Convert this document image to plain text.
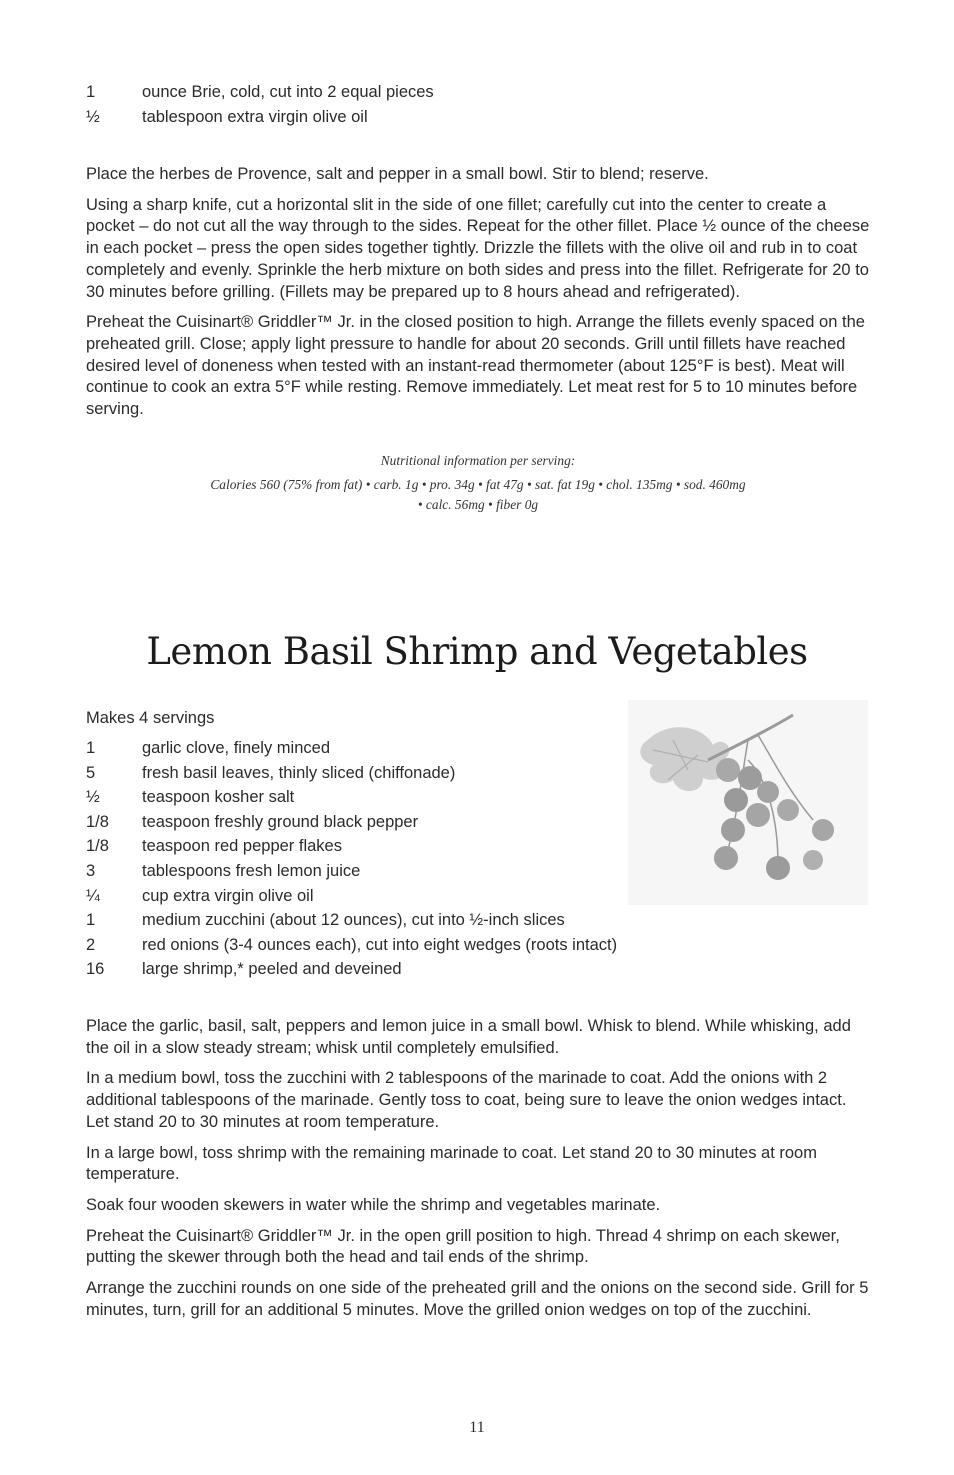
1	ounce Brie, cold, cut into 2 equal pieces
½	tablespoon extra virgin olive oil

Place the herbes de Provence, salt and pepper in a small bowl. Stir to blend; reserve.

Using a sharp knife, cut a horizontal slit in the side of one fillet; carefully cut into the center to create a pocket – do not cut all the way through to the sides. Repeat for the other fillet. Place ½ ounce of the cheese in each pocket – press the open sides together tightly. Drizzle the fillets with the olive oil and rub in to coat completely and evenly. Sprinkle the herb mixture on both sides and press into the fillet. Refrigerate for 20 to 30 minutes before grilling. (Fillets may be prepared up to 8 hours ahead and refrigerated).

Preheat the Cuisinart® Griddler™ Jr. in the closed position to high. Arrange the fillets evenly spaced on the preheated grill. Close; apply light pressure to handle for about 20 seconds. Grill until fillets have reached desired level of doneness when tested with an instant-read thermometer (about 125°F is best). Meat will continue to cook an extra 5°F while resting. Remove immediately. Let meat rest for 5 to 10 minutes before serving.

Nutritional information per serving:
Calories 560 (75% from fat) • carb. 1g • pro. 34g • fat 47g • sat. fat 19g • chol. 135mg • sod. 460mg
• calc. 56mg • fiber 0g
Lemon Basil Shrimp and Vegetables
Makes 4 servings
1	garlic clove, finely minced
5	fresh basil leaves, thinly sliced (chiffonade)
½	teaspoon kosher salt
1/8	teaspoon freshly ground black pepper
1/8	teaspoon red pepper flakes
3	tablespoons fresh lemon juice
¼	cup extra virgin olive oil
1	medium zucchini (about 12 ounces), cut into ½-inch slices
2	red onions (3-4 ounces each), cut into eight wedges (roots intact)
16	large shrimp,* peeled and deveined

Place the garlic, basil, salt, peppers and lemon juice in a small bowl. Whisk to blend. While whisking, add the oil in a slow steady stream; whisk until completely emulsified.

In a medium bowl, toss the zucchini with 2 tablespoons of the marinade to coat. Add the onions with 2 additional tablespoons of the marinade. Gently toss to coat, being sure to leave the onion wedges intact. Let stand 20 to 30 minutes at room temperature.

In a large bowl, toss shrimp with the remaining marinade to coat. Let stand 20 to 30 minutes at room temperature.

Soak four wooden skewers in water while the shrimp and vegetables marinate.

Preheat the Cuisinart® Griddler™ Jr. in the open grill position to high. Thread 4 shrimp on each skewer, putting the skewer through both the head and tail ends of the shrimp.

Arrange the zucchini rounds on one side of the preheated grill and the onions on the second side. Grill for 5 minutes, turn, grill for an additional 5 minutes. Move the grilled onion wedges on top of the zucchini.

11
